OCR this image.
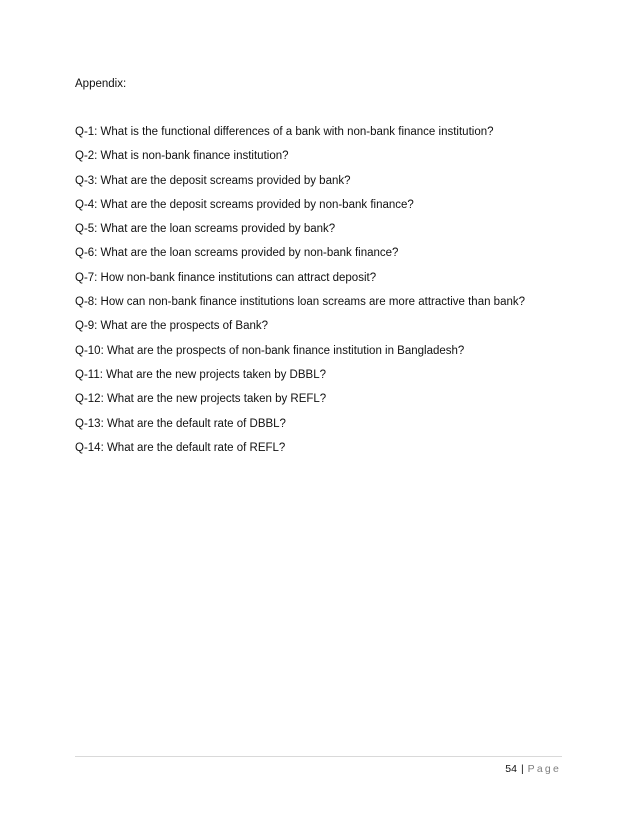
Appendix:
Q-1: What is the functional differences of a bank with non-bank finance institution?
Q-2: What is non-bank finance institution?
Q-3: What are the deposit screams provided by bank?
Q-4: What are the deposit screams provided by non-bank finance?
Q-5: What are the loan screams provided by bank?
Q-6: What are the loan screams provided by non-bank finance?
Q-7: How non-bank finance institutions can attract deposit?
Q-8: How can non-bank finance institutions loan screams are more attractive than bank?
Q-9: What are the prospects of Bank?
Q-10: What are the prospects of non-bank finance institution in Bangladesh?
Q-11: What are the new projects taken by DBBL?
Q-12: What are the new projects taken by REFL?
Q-13: What are the default rate of DBBL?
Q-14: What are the default rate of REFL?
54 | Page
